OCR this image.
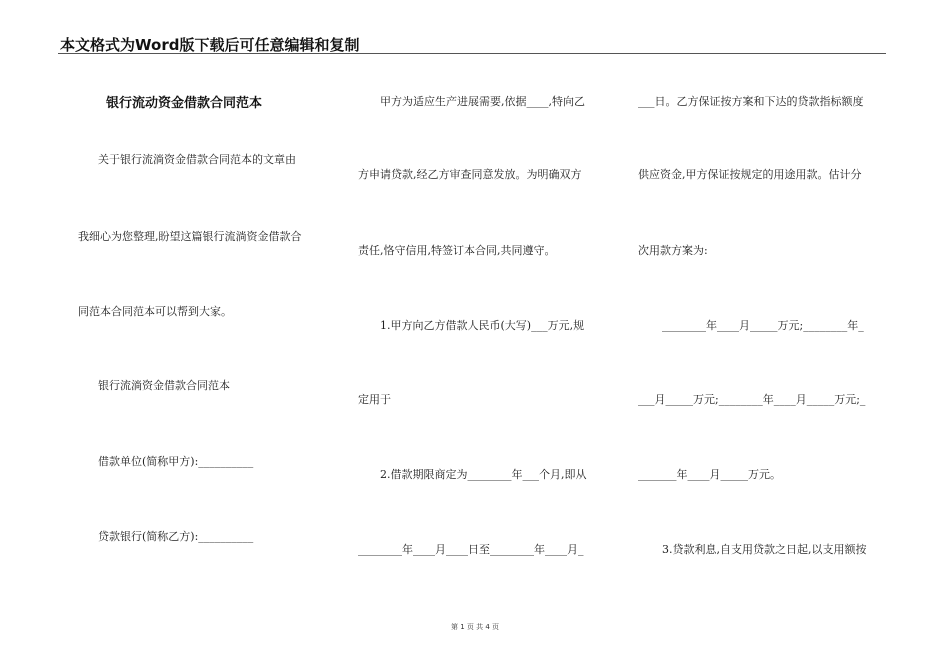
本文格式为Word版下载后可任意编辑和复制
银行流动资金借款合同范本
关于银行流淌资金借款合同范本的文章由
我细心为您整理,盼望这篇银行流淌资金借款合
同范本合同范本可以帮到大家。
银行流淌资金借款合同范本
借款单位(简称甲方):__________
贷款银行(简称乙方):__________
甲方为适应生产进展需要,依据____,特向乙
方申请贷款,经乙方审查同意发放。为明确双方
责任,恪守信用,特签订本合同,共同遵守。
1.甲方向乙方借款人民币(大写)___万元,规
定用于
2.借款期限商定为________年___个月,即从
________年____月____日至________年____月_
___日。乙方保证按方案和下达的贷款指标额度
供应资金,甲方保证按规定的用途用款。估计分
次用款方案为:
________年____月_____万元;________年_
___月_____万元;________年____月_____万元;_
_______年____月_____万元。
3.贷款利息,自支用贷款之日起,以支用额按
第 1 页 共 4 页
